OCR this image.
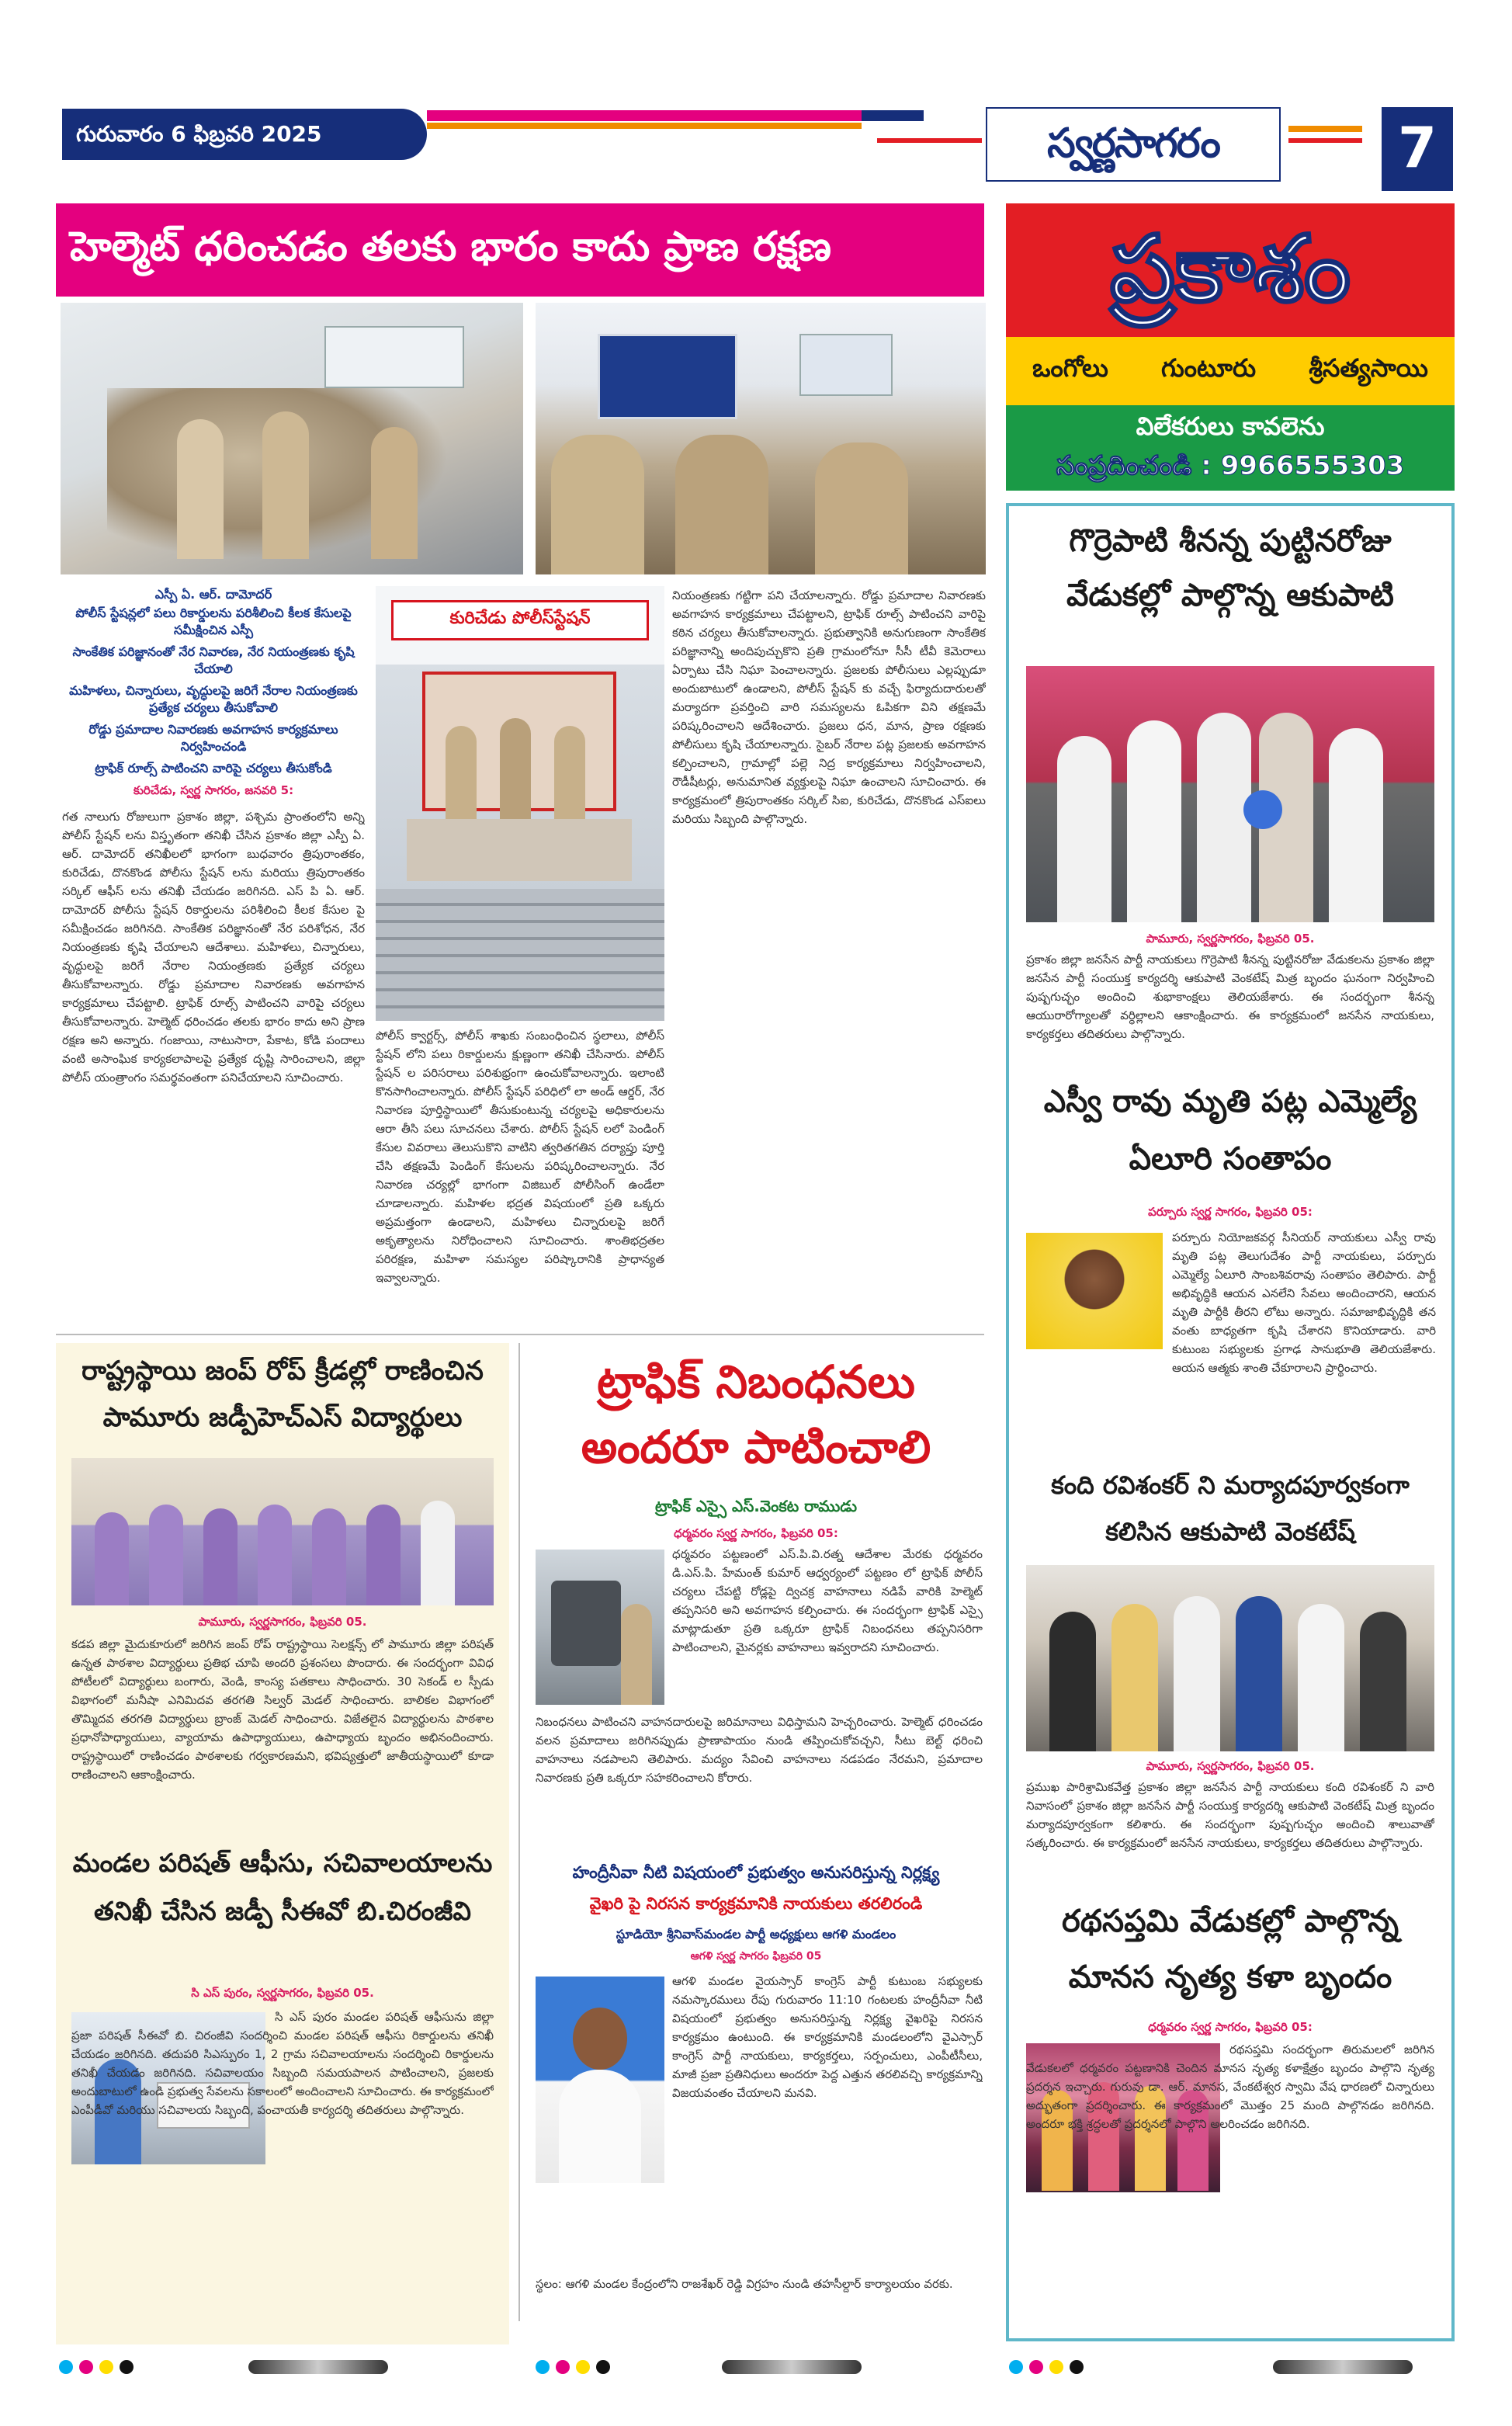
గురువారం 6 ఫిబ్రవరి 2025	స్వర్ణసాగరం	7
హెల్మెట్ ధరించడం తలకు భారం కాదు ప్రాణ రక్షణ
ఎస్పీ ఏ. ఆర్. దామోదర్
పోలీస్ స్టేషన్లలో పలు రికార్డులను పరిశీలించి కీలక కేసులపై సమీక్షించిన ఎస్పీ
సాంకేతిక పరిజ్ఞానంతో నేర నివారణ, నేర నియంత్రణకు కృషి చేయాలి
మహిళలు, చిన్నారులు, వృద్ధులపై జరిగే నేరాల నియంత్రణకు ప్రత్యేక చర్యలు తీసుకోవాలి
రోడ్డు ప్రమాదాల నివారణకు అవగాహన కార్యక్రమాలు నిర్వహించండి
ట్రాఫిక్ రూల్స్ పాటించని వారిపై చర్యలు తీసుకోండి
కురిచేడు, స్వర్ణ సాగరం, జనవరి 5:
గత నాలుగు రోజులుగా ప్రకాశం జిల్లా, పశ్చిమ ప్రాంతంలోని అన్ని పోలీస్ స్టేషన్ లను విస్తృతంగా తనిఖీ చేసిన ప్రకాశం జిల్లా ఎస్పీ ఏ. ఆర్. దామోదర్ తనిఖీలలో భాగంగా బుధవారం త్రిపురాంతకం, కురిచేడు, దొనకొండ పోలీసు స్టేషన్ లను మరియు త్రిపురాంతకం సర్కిల్ ఆఫీస్ లను తనిఖీ చేయడం జరిగినది. ఎస్ పి ఏ. ఆర్. దామోదర్ పోలీసు స్టేషన్ రికార్డులను పరిశీలించి కీలక కేసుల పై సమీక్షించడం జరిగినది. సాంకేతిక పరిజ్ఞానంతో నేర పరిశోధన, నేర నియంత్రణకు కృషి చేయాలని ఆదేశాలు. మహిళలు, చిన్నారులు, వృద్ధులపై జరిగే నేరాల నియంత్రణకు ప్రత్యేక చర్యలు తీసుకోవాలన్నారు. రోడ్డు ప్రమాదాల నివారణకు అవగాహన కార్యక్రమాలు చేపట్టాలి. ట్రాఫిక్ రూల్స్ పాటించని వారిపై చర్యలు తీసుకోవాలన్నారు. హెల్మెట్ ధరించడం తలకు భారం కాదు అని ప్రాణ రక్షణ అని అన్నారు. గంజాయి, నాటుసారా, పేకాట, కోడి పందాలు వంటి అసాంఘిక కార్యకలాపాలపై ప్రత్యేక దృష్టి సారించాలని, జిల్లా పోలీస్ యంత్రాంగం సమర్థవంతంగా పనిచేయాలని సూచించారు.
కురిచేడు పోలీస్‌స్టేషన్
పోలీస్ క్వార్టర్స్, పోలీస్ శాఖకు సంబంధించిన స్థలాలు, పోలీస్ స్టేషన్ లోని పలు రికార్డులను క్షుణ్ణంగా తనిఖీ చేసినారు. పోలీస్ స్టేషన్ ల పరిసరాలు పరిశుభ్రంగా ఉంచుకోవాలన్నారు. ఇలాంటి కొనసాగించాలన్నారు. పోలీస్ స్టేషన్ పరిధిలో లా అండ్ ఆర్డర్, నేర నివారణ పూర్తిస్థాయిలో తీసుకుంటున్న చర్యలపై అధికారులను ఆరా తీసి పలు సూచనలు చేశారు. పోలీస్ స్టేషన్ లలో పెండింగ్ కేసుల వివరాలు తెలుసుకొని వాటిని త్వరితగతిన దర్యాప్తు పూర్తి చేసి తక్షణమే పెండింగ్ కేసులను పరిష్కరించాలన్నారు. నేర నివారణ చర్యల్లో భాగంగా విజిబుల్ పోలీసింగ్ ఉండేలా చూడాలన్నారు. మహిళల భద్రత విషయంలో ప్రతి ఒక్కరు అప్రమత్తంగా ఉండాలని, మహిళలు చిన్నారులపై జరిగే అకృత్యాలను నిరోధించాలని సూచించారు. శాంతిభద్రతల పరిరక్షణ, మహిళా సమస్యల పరిష్కారానికి ప్రాధాన్యత ఇవ్వాలన్నారు.
నియంత్రణకు గట్టిగా పని చేయాలన్నారు. రోడ్డు ప్రమాదాల నివారణకు అవగాహన కార్యక్రమాలు చేపట్టాలని, ట్రాఫిక్ రూల్స్ పాటించని వారిపై కఠిన చర్యలు తీసుకోవాలన్నారు. ప్రభుత్వానికి అనుగుణంగా సాంకేతిక పరిజ్ఞానాన్ని అందిపుచ్చుకొని ప్రతి గ్రామంలోనూ సీసీ టీవీ కెమెరాలు ఏర్పాటు చేసి నిఘా పెంచాలన్నారు. ప్రజలకు పోలీసులు ఎల్లప్పుడూ అందుబాటులో ఉండాలని, పోలీస్ స్టేషన్ కు వచ్చే ఫిర్యాదుదారులతో మర్యాదగా ప్రవర్తించి వారి సమస్యలను ఓపికగా విని తక్షణమే పరిష్కరించాలని ఆదేశించారు. ప్రజలు ధన, మాన, ప్రాణ రక్షణకు పోలీసులు కృషి చేయాలన్నారు. సైబర్ నేరాల పట్ల ప్రజలకు అవగాహన కల్పించాలని, గ్రామాల్లో పల్లె నిద్ర కార్యక్రమాలు నిర్వహించాలని, రౌడీషీటర్లు, అనుమానిత వ్యక్తులపై నిఘా ఉంచాలని సూచించారు. ఈ కార్యక్రమంలో త్రిపురాంతకం సర్కిల్ సిఐ, కురిచేడు, దొనకొండ ఎస్ఐలు మరియు సిబ్బంది పాల్గొన్నారు.
ప్రకాశం
ఒంగోలు గుంటూరు శ్రీసత్యసాయి
విలేకరులు కావలెను
సంప్రదించండి : 9966555303
గొర్రెపాటి శీనన్న పుట్టినరోజు
వేడుకల్లో పాల్గొన్న ఆకుపాటి
పామూరు, స్వర్ణసాగరం, ఫిబ్రవరి 05.
ప్రకాశం జిల్లా జనసేన పార్టీ నాయకులు గొర్రెపాటి శీనన్న పుట్టినరోజు వేడుకలను ప్రకాశం జిల్లా జనసేన పార్టీ సంయుక్త కార్యదర్శి ఆకుపాటి వెంకటేష్ మిత్ర బృందం ఘనంగా నిర్వహించి పుష్పగుచ్ఛం అందించి శుభాకాంక్షలు తెలియజేశారు. ఈ సందర్భంగా శీనన్న ఆయురారోగ్యాలతో వర్ధిల్లాలని ఆకాంక్షించారు. ఈ కార్యక్రమంలో జనసేన నాయకులు, కార్యకర్తలు తదితరులు పాల్గొన్నారు.
ఎస్వీ రావు మృతి పట్ల ఎమ్మెల్యే
ఏలూరి సంతాపం
పర్చూరు స్వర్ణ సాగరం, ఫిబ్రవరి 05:
పర్చూరు నియోజకవర్గ సీనియర్ నాయకులు ఎస్వీ రావు మృతి పట్ల తెలుగుదేశం పార్టీ నాయకులు, పర్చూరు ఎమ్మెల్యే ఏలూరి సాంబశివరావు సంతాపం తెలిపారు. పార్టీ అభివృద్ధికి ఆయన ఎనలేని సేవలు అందించారని, ఆయన మృతి పార్టీకి తీరని లోటు అన్నారు. సమాజాభివృద్ధికి తన వంతు బాధ్యతగా కృషి చేశారని కొనియాడారు. వారి కుటుంబ సభ్యులకు ప్రగాఢ సానుభూతి తెలియజేశారు. ఆయన ఆత్మకు శాంతి చేకూరాలని ప్రార్థించారు.
కంది రవిశంకర్ ని మర్యాదపూర్వకంగా
కలిసిన ఆకుపాటి వెంకటేష్
పామూరు, స్వర్ణసాగరం, ఫిబ్రవరి 05.
ప్రముఖ పారిశ్రామికవేత్త ప్రకాశం జిల్లా జనసేన పార్టీ నాయకులు కంది రవిశంకర్ ని వారి నివాసంలో ప్రకాశం జిల్లా జనసేన పార్టీ సంయుక్త కార్యదర్శి ఆకుపాటి వెంకటేష్ మిత్ర బృందం మర్యాదపూర్వకంగా కలిశారు. ఈ సందర్భంగా పుష్పగుచ్ఛం అందించి శాలువాతో సత్కరించారు. ఈ కార్యక్రమంలో జనసేన నాయకులు, కార్యకర్తలు తదితరులు పాల్గొన్నారు.
రథసప్తమి వేడుకల్లో పాల్గొన్న
మానస నృత్య కళా బృందం
ధర్మవరం స్వర్ణ సాగరం, ఫిబ్రవరి 05:
రథసప్తమి సందర్భంగా తిరుమలలో జరిగిన వేడుకలలో ధర్మవరం పట్టణానికి చెందిన మానస నృత్య కళాక్షేత్రం బృందం పాల్గొని నృత్య ప్రదర్శన ఇచ్చారు. గురువు డా. ఆర్. మానస, వేంకటేశ్వర స్వామి వేష ధారణలో చిన్నారులు అద్భుతంగా ప్రదర్శించారు. ఈ కార్యక్రమంలో మొత్తం 25 మంది పాల్గొనడం జరిగినది. అందరూ భక్తి శ్రద్ధలతో ప్రదర్శనలో పాల్గొని అలరించడం జరిగినది.
రాష్ట్రస్థాయి జంప్ రోప్ క్రీడల్లో రాణించిన
పామూరు జడ్పీహెచ్ఎస్ విద్యార్థులు
పామూరు, స్వర్ణసాగరం, ఫిబ్రవరి 05.
కడప జిల్లా మైదుకూరులో జరిగిన జంప్ రోప్ రాష్ట్రస్థాయి సెలక్షన్స్ లో పామూరు జిల్లా పరిషత్ ఉన్నత పాఠశాల విద్యార్థులు ప్రతిభ చూపి అందరి ప్రశంసలు పొందారు. ఈ సందర్భంగా వివిధ పోటీలలో విద్యార్థులు బంగారు, వెండి, కాంస్య పతకాలు సాధించారు. 30 సెకండ్ ల స్పీడు విభాగంలో మనీషా ఎనిమిదవ తరగతి సిల్వర్ మెడల్ సాధించారు. బాలికల విభాగంలో తొమ్మిదవ తరగతి విద్యార్థులు బ్రాంజ్ మెడల్ సాధించారు. విజేతలైన విద్యార్థులను పాఠశాల ప్రధానోపాధ్యాయులు, వ్యాయామ ఉపాధ్యాయులు, ఉపాధ్యాయ బృందం అభినందించారు. రాష్ట్రస్థాయిలో రాణించడం పాఠశాలకు గర్వకారణమని, భవిష్యత్తులో జాతీయస్థాయిలో కూడా రాణించాలని ఆకాంక్షించారు.
మండల పరిషత్ ఆఫీసు, సచివాలయాలను
తనిఖీ చేసిన జడ్పీ సీఈవో బి.చిరంజీవి
సి ఎస్ పురం, స్వర్ణసాగరం, ఫిబ్రవరి 05.
సి ఎస్ పురం మండల పరిషత్ ఆఫీసును జిల్లా ప్రజా పరిషత్ సీఈవో బి. చిరంజీవి సందర్శించి మండల పరిషత్ ఆఫీసు రికార్డులను తనిఖీ చేయడం జరిగినది. తదుపరి సిఎస్పురం 1, 2 గ్రామ సచివాలయాలను సందర్శించి రికార్డులను తనిఖీ చేయడం జరిగినది. సచివాలయం సిబ్బంది సమయపాలన పాటించాలని, ప్రజలకు అందుబాటులో ఉండి ప్రభుత్వ సేవలను సకాలంలో అందించాలని సూచించారు. ఈ కార్యక్రమంలో ఎంపీడీవో మరియు సచివాలయ సిబ్బంది, పంచాయతీ కార్యదర్శి తదితరులు పాల్గొన్నారు.
ట్రాఫిక్ నిబంధనలు
అందరూ పాటించాలి
ట్రాఫిక్ ఎస్సై ఎస్.వెంకట రాముడు
ధర్మవరం స్వర్ణ సాగరం, ఫిబ్రవరి 05:
ధర్మవరం పట్టణంలో ఎస్.పి.వి.రత్న ఆదేశాల మేరకు ధర్మవరం డి.ఎస్.పి. హేమంత్ కుమార్ ఆధ్వర్యంలో పట్టణం లో ట్రాఫిక్ పోలీస్ చర్యలు చేపట్టి రోడ్లపై ద్విచక్ర వాహనాలు నడిపే వారికి హెల్మెట్ తప్పనిసరి అని అవగాహన కల్పించారు. ఈ సందర్భంగా ట్రాఫిక్ ఎస్సై మాట్లాడుతూ ప్రతి ఒక్కరూ ట్రాఫిక్ నిబంధనలు తప్పనిసరిగా పాటించాలని, మైనర్లకు వాహనాలు ఇవ్వరాదని సూచించారు.
నిబంధనలు పాటించని వాహనదారులపై జరిమానాలు విధిస్తామని హెచ్చరించారు. హెల్మెట్ ధరించడం వలన ప్రమాదాలు జరిగినప్పుడు ప్రాణాపాయం నుండి తప్పించుకోవచ్చని, సీటు బెల్ట్ ధరించి వాహనాలు నడపాలని తెలిపారు. మద్యం సేవించి వాహనాలు నడపడం నేరమని, ప్రమాదాల నివారణకు ప్రతి ఒక్కరూ సహకరించాలని కోరారు.
హంద్రీనీవా నీటి విషయంలో ప్రభుత్వం అనుసరిస్తున్న నిర్లక్ష్య
వైఖరి పై నిరసన కార్యక్రమానికి నాయకులు తరలిరండి
స్టూడియో శ్రీనివాస్‌మండల పార్టీ అధ్యక్షులు ఆగళి మండలం
ఆగళి స్వర్ణ సాగరం ఫిబ్రవరి 05
ఆగళి మండల వైయస్సార్ కాంగ్రెస్ పార్టీ కుటుంబ సభ్యులకు నమస్కారములు రేపు గురువారం 11:10 గంటలకు హంద్రీనీవా నీటి విషయంలో ప్రభుత్వం అనుసరిస్తున్న నిర్లక్ష్య వైఖరిపై నిరసన కార్యక్రమం ఉంటుంది. ఈ కార్యక్రమానికి మండలంలోని వైఎస్సార్ కాంగ్రెస్ పార్టీ నాయకులు, కార్యకర్తలు, సర్పంచులు, ఎంపీటీసీలు, మాజీ ప్రజా ప్రతినిధులు అందరూ పెద్ద ఎత్తున తరలివచ్చి కార్యక్రమాన్ని విజయవంతం చేయాలని మనవి.
స్థలం: ఆగళి మండల కేంద్రంలోని రాజశేఖర్ రెడ్డి విగ్రహం నుండి తహసీల్దార్ కార్యాలయం వరకు.
